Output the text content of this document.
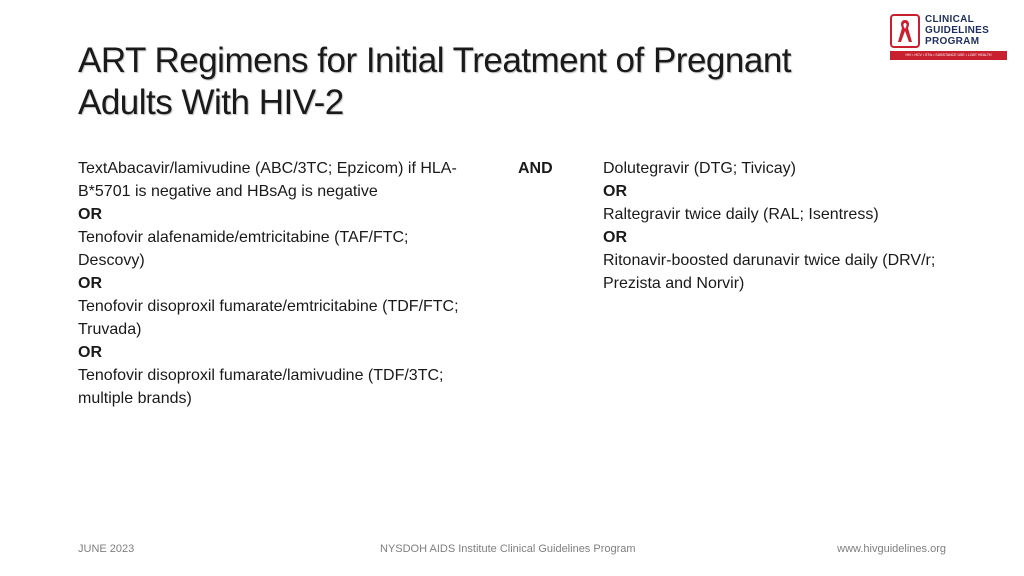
ART Regimens for Initial Treatment of Pregnant
Adults With HIV-2
CLINICAL
GUIDELINES
PROGRAM
HIV • HCV • STIs • SUBSTANCE USE • LGBT HEALTH

TextAbacavir/lamivudine (ABC/3TC; Epzicom) if HLA-B*5701 is negative and HBsAg is negative

OR

Tenofovir alafenamide/emtricitabine (TAF/FTC; Descovy)

OR

Tenofovir disoproxil fumarate/emtricitabine (TDF/FTC; Truvada)

OR

Tenofovir disoproxil fumarate/lamivudine (TDF/3TC; multiple brands)

AND	Dolutegravir (DTG; Tivicay)

OR

Raltegravir twice daily (RAL; Isentress)

OR

Ritonavir-boosted darunavir twice daily (DRV/r; Prezista and Norvir)

JUNE 2023	NYSDOH AIDS Institute Clinical Guidelines Program	www.hivguidelines.org
